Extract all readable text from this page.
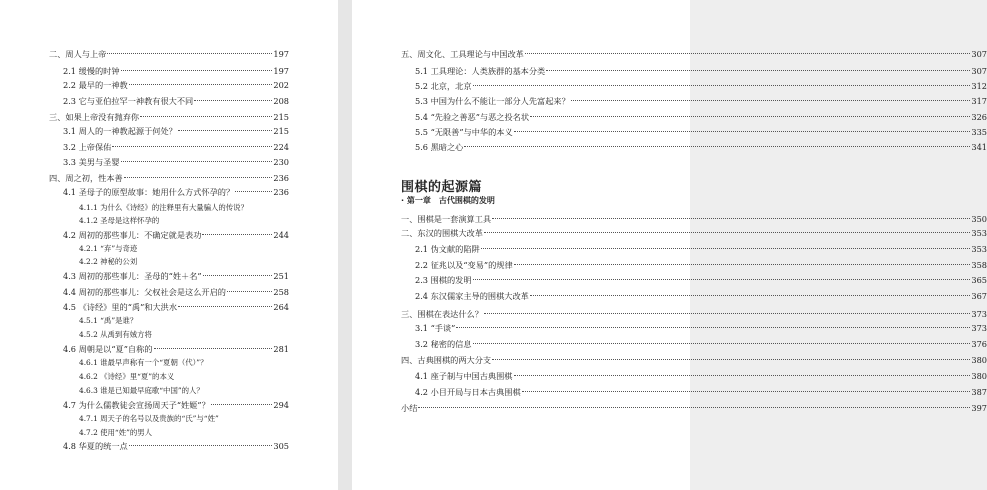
二、周人与上帝	197
2.1 缓慢的时钟	197
2.2 最早的一神教	202
2.3 它与亚伯拉罕一神教有很大不同	208
三、如果上帝没有抛弃你	215
3.1 周人的一神教起源于何处？	215
3.2 上帝保佑	224
3.3 美男与圣婴	230
四、周之初，性本善	236
4.1 圣母子的原型故事：她用什么方式怀孕的？	236
4.1.1 为什么《诗经》的注释里有大量骗人的传说？
4.1.2 圣母是这样怀孕的
4.2 周初的那些事儿：不确定就是表功	244
4.2.1 “弃”与奇迹
4.2.2 神秘的公刘
4.3 周初的那些事儿：圣母的“姓＋名”	251
4.4 周初的那些事儿：父权社会是这么开启的	258
4.5 《诗经》里的“禹”和大洪水	264
4.5.1 “禹”是谁？
4.5.2 从禹到有娀方将
4.6 周朝是以“夏”自称的	281
4.6.1 谁最早声称有一个“夏朝（代）”？
4.6.2 《诗经》里“夏”的本义
4.6.3 谁是已知最早庭歌“中国”的人？
4.7 为什么儒教徒会宣扬周天子“姓姬”？	294
4.7.1 周天子的名号以及贵族的“氏”与“姓”
4.7.2 使用“姓”的男人
4.8 华夏的统一点	305
五、周文化、工具理论与中国改革	307
5.1 工具理论：人类族群的基本分类	307
5.2 北京，北京	312
5.3 中国为什么不能让一部分人先富起来？	317
5.4 “先验之善恶”与恶之投名状	326
5.5 “无限善”与中华的本义	335
5.6 黑暗之心	341
围棋的起源篇
· 第一章　古代围棋的发明
一、围棋是一套演算工具	350
二、东汉的围棋大改革	353
2.1 伪文献的陷阱	353
2.2 征兆以及“变易”的规律	358
2.3 围棋的发明	365
2.4 东汉儒家主导的围棋大改革	367
三、围棋在表达什么？	373
3.1 “手谈”	373
3.2 秘密的信息	376
四、古典围棋的两大分支	380
4.1 座子制与中国古典围棋	380
4.2 小目开局与日本古典围棋	387
小结	397
